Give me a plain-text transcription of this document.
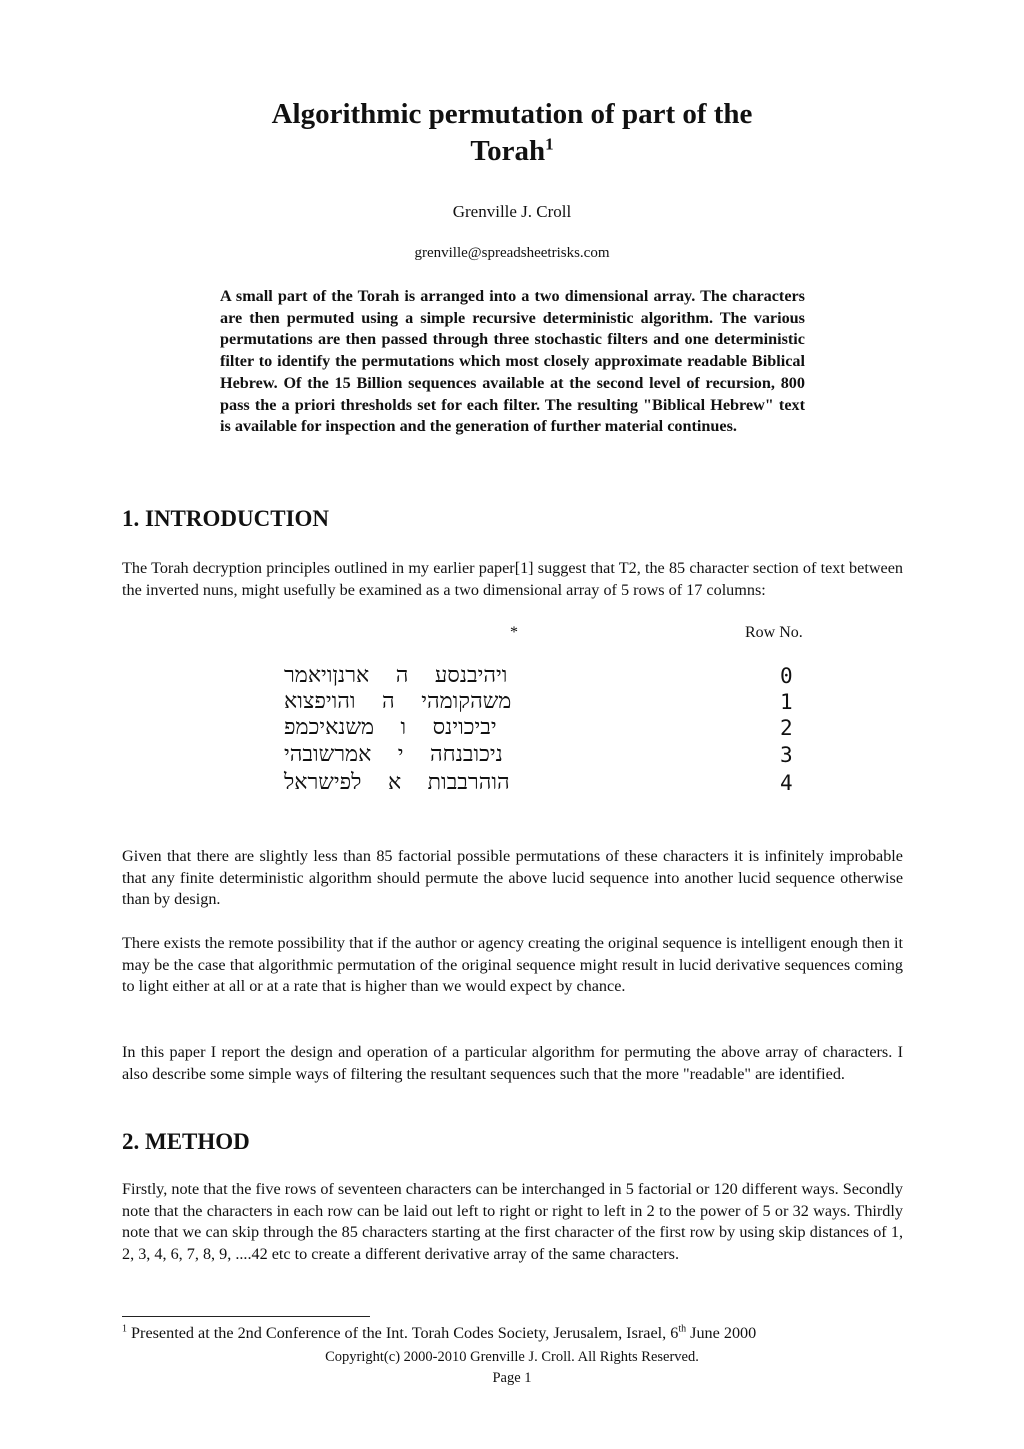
Algorithmic permutation of part of the
Torah$^1$
Grenville J. Croll
grenville@spreadsheetrisks.com

A small part of the Torah is arranged into a two dimensional array. The characters are then permuted using a simple recursive deterministic algorithm. The various permutations are then passed through three stochastic filters and one deterministic filter to identify the permutations which most closely approximate readable Biblical Hebrew. Of the 15 Billion sequences available at the second level of recursion, 800 pass the a priori thresholds set for each filter. The resulting "Biblical Hebrew" text is available for inspection and the generation of further material continues.

1. INTRODUCTION

The Torah decryption principles outlined in my earlier paper[1] suggest that T2, the 85 character section of text between the inverted nuns, might usefully be examined as a two dimensional array of 5 rows of 17 columns:

*	Row No.
ויהיבנסע  ה  ארנןויאמר	0
משהקומהי  ה  והויפצוא	1
יביכוינס  ו  משנאיכמפ	2
ניכובנחה  י  אמרשובהי	3
הוהרבבות  א  לפישראל	4

Given that there are slightly less than 85 factorial possible permutations of these characters it is infinitely improbable that any finite deterministic algorithm should permute the above lucid sequence into another lucid sequence otherwise than by design.

There exists the remote possibility that if the author or agency creating the original sequence is intelligent enough then it may be the case that algorithmic permutation of the original sequence might result in lucid derivative sequences coming to light either at all or at a rate that is higher than we would expect by chance.

In this paper I report the design and operation of a particular algorithm for permuting the above array of characters. I also describe some simple ways of filtering the resultant sequences such that the more "readable" are identified.

2. METHOD

Firstly, note that the five rows of seventeen characters can be interchanged in 5 factorial or 120 different ways. Secondly note that the characters in each row can be laid out left to right or right to left in 2 to the power of 5 or 32 ways. Thirdly note that we can skip through the 85 characters starting at the first character of the first row by using skip distances of 1, 2, 3, 4, 6, 7, 8, 9, ....42 etc to create a different derivative array of the same characters.

$^1$ Presented at the 2nd Conference of the Int. Torah Codes Society, Jerusalem, Israel, 6th June 2000
Copyright(c) 2000-2010 Grenville J. Croll. All Rights Reserved.
Page 1
